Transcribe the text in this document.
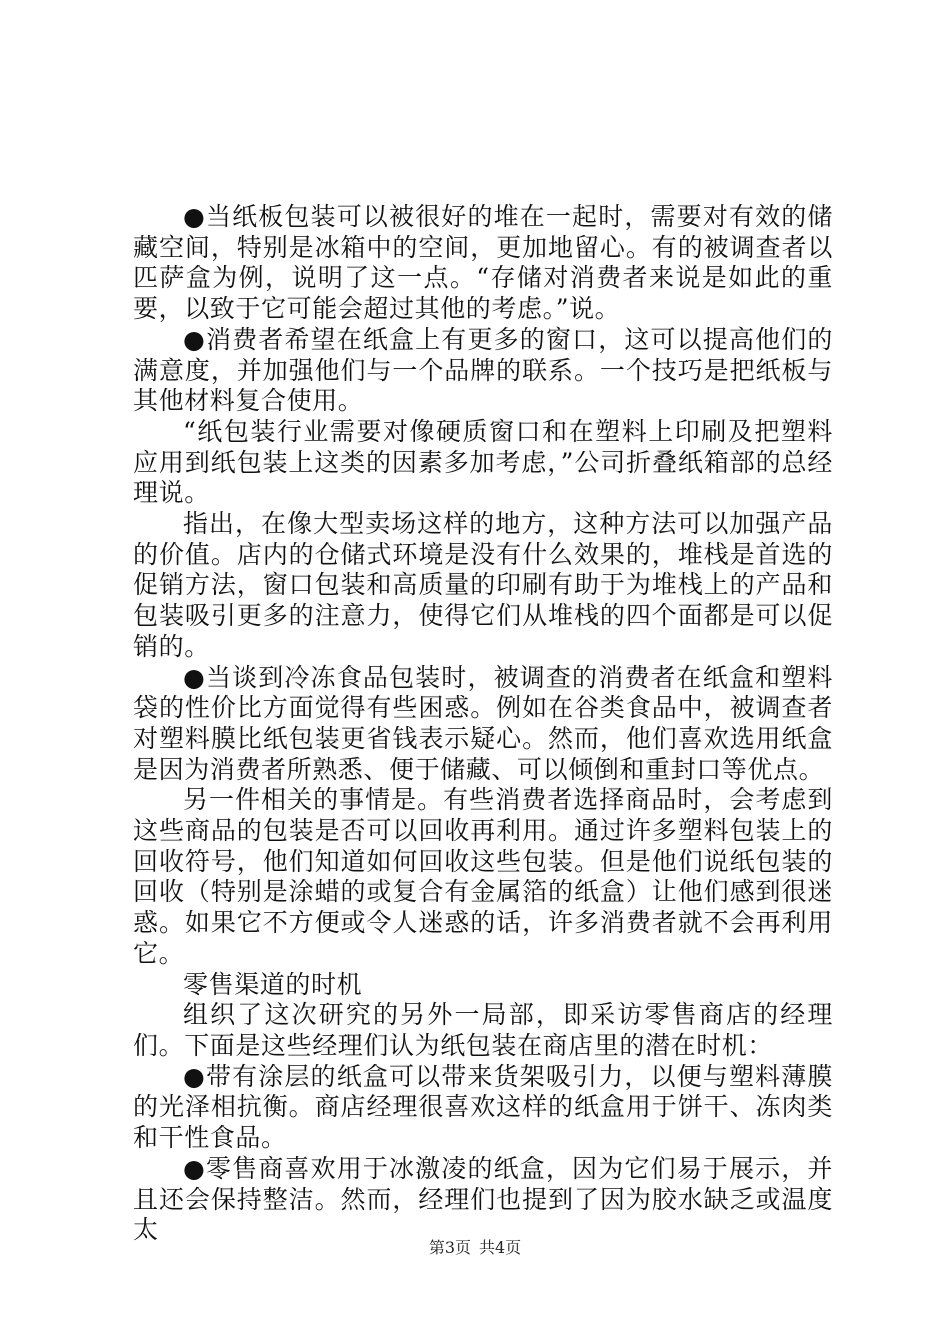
●当纸板包装可以被很好的堆在一起时，需要对有效的储藏空间，特别是冰箱中的空间，更加地留心。有的被调查者以匹萨盒为例，说明了这一点。“存储对消费者来说是如此的重要，以致于它可能会超过其他的考虑。”说。

●消费者希望在纸盒上有更多的窗口，这可以提高他们的满意度，并加强他们与一个品牌的联系。一个技巧是把纸板与其他材料复合使用。

“纸包装行业需要对像硬质窗口和在塑料上印刷及把塑料应用到纸包装上这类的因素多加考虑，”公司折叠纸箱部的总经理说。

指出，在像大型卖场这样的地方，这种方法可以加强产品的价值。店内的仓储式环境是没有什么效果的，堆栈是首选的促销方法，窗口包装和高质量的印刷有助于为堆栈上的产品和包装吸引更多的注意力，使得它们从堆栈的四个面都是可以促销的。

●当谈到冷冻食品包装时，被调查的消费者在纸盒和塑料袋的性价比方面觉得有些困惑。例如在谷类食品中，被调查者对塑料膜比纸包装更省钱表示疑心。然而，他们喜欢选用纸盒是因为消费者所熟悉、便于储藏、可以倾倒和重封口等优点。

另一件相关的事情是。有些消费者选择商品时，会考虑到这些商品的包装是否可以回收再利用。通过许多塑料包装上的回收符号，他们知道如何回收这些包装。但是他们说纸包装的回收（特别是涂蜡的或复合有金属箔的纸盒）让他们感到很迷惑。如果它不方便或令人迷惑的话，许多消费者就不会再利用它。

零售渠道的时机

组织了这次研究的另外一局部，即采访零售商店的经理们。下面是这些经理们认为纸包装在商店里的潜在时机：

●带有涂层的纸盒可以带来货架吸引力，以便与塑料薄膜的光泽相抗衡。商店经理很喜欢这样的纸盒用于饼干、冻肉类和干性食品。

●零售商喜欢用于冰激凌的纸盒，因为它们易于展示，并且还会保持整洁。然而，经理们也提到了因为胶水缺乏或温度太

第3页 共4页
